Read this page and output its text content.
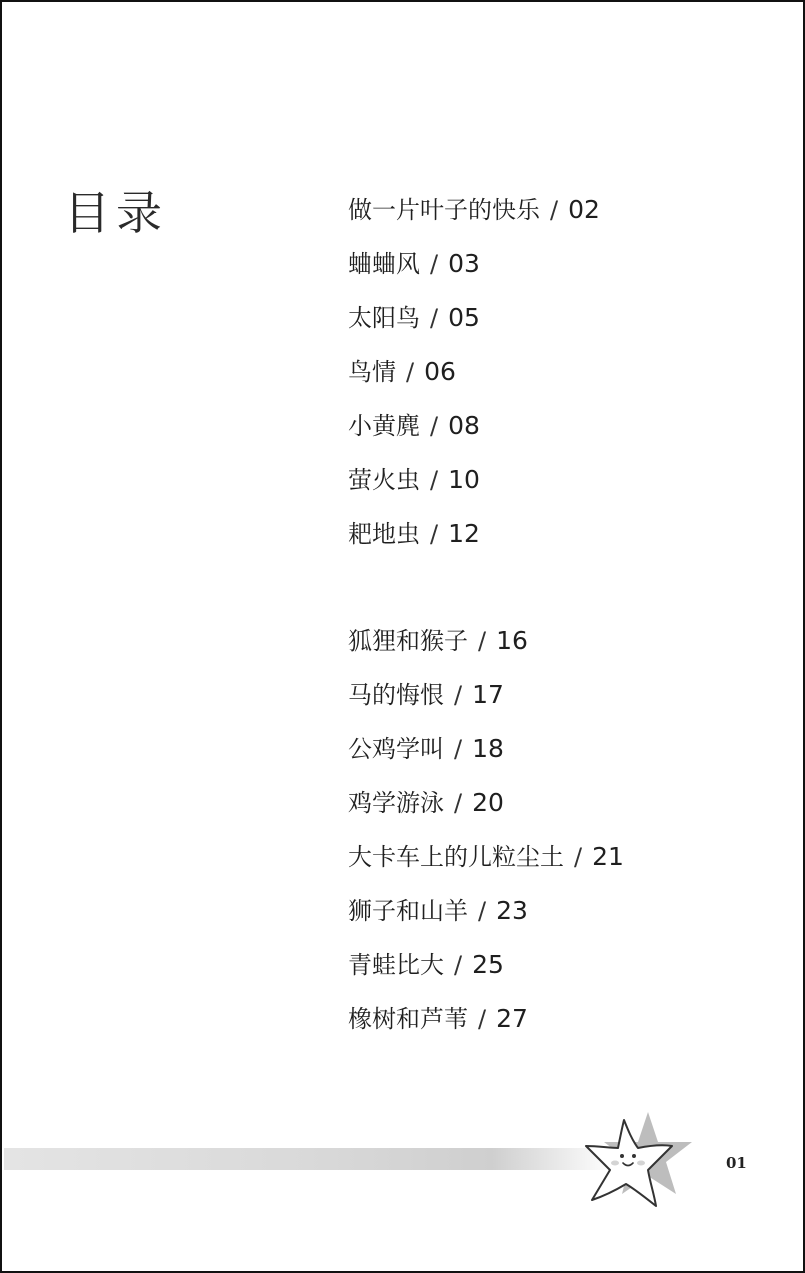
目录	做一片叶子的快乐 / 02
蛐蛐风 / 03
太阳鸟 / 05
鸟情 / 06
小黄麂 / 08
萤火虫 / 10
耙地虫 / 12
狐狸和猴子 / 16
马的悔恨 / 17
公鸡学叫 / 18
鸡学游泳 / 20
大卡车上的儿粒尘土 / 21
狮子和山羊 / 23
青蛙比大 / 25
橡树和芦苇 / 27
01
